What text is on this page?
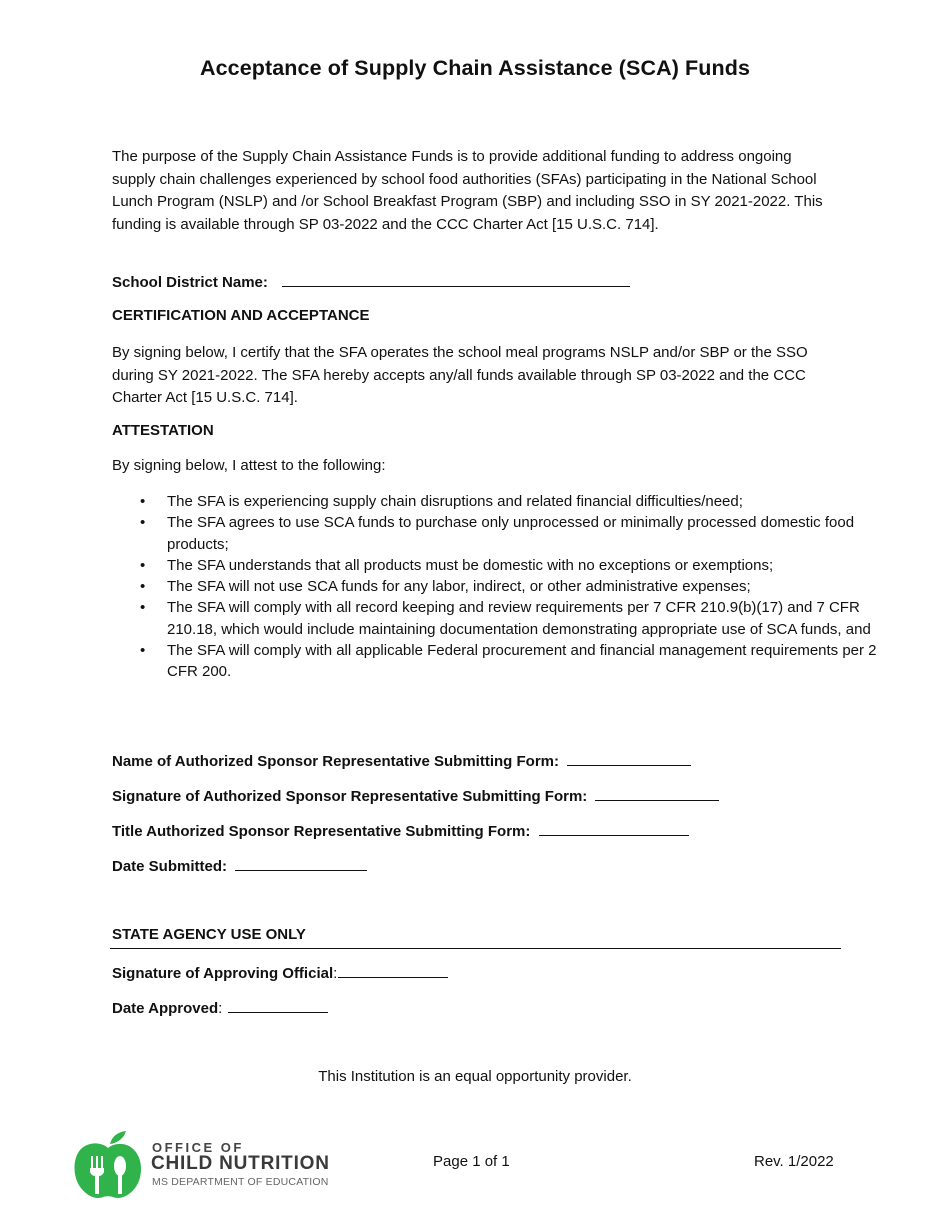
Acceptance of Supply Chain Assistance (SCA) Funds

The purpose of the Supply Chain Assistance Funds is to provide additional funding to address ongoing supply chain challenges experienced by school food authorities (SFAs) participating in the National School Lunch Program (NSLP) and /or School Breakfast Program (SBP) and including SSO in SY 2021-2022. This funding is available through SP 03-2022 and the CCC Charter Act [15 U.S.C. 714].

School District Name:
CERTIFICATION AND ACCEPTANCE

By signing below, I certify that the SFA operates the school meal programs NSLP and/or SBP or the SSO during SY 2021-2022. The SFA hereby accepts any/all funds available through SP 03-2022 and the CCC Charter Act [15 U.S.C. 714].

ATTESTATION
By signing below, I attest to the following:
• The SFA is experiencing supply chain disruptions and related financial difficulties/need;
• The SFA agrees to use SCA funds to purchase only unprocessed or minimally processed domestic food products;
• The SFA understands that all products must be domestic with no exceptions or exemptions;
• The SFA will not use SCA funds for any labor, indirect, or other administrative expenses;
• The SFA will comply with all record keeping and review requirements per 7 CFR 210.9(b)(17) and 7 CFR 210.18, which would include maintaining documentation demonstrating appropriate use of SCA funds, and
• The SFA will comply with all applicable Federal procurement and financial management requirements per 2 CFR 200.
Name of Authorized Sponsor Representative Submitting Form:
Signature of Authorized Sponsor Representative Submitting Form:
Title Authorized Sponsor Representative Submitting Form:
Date Submitted:
STATE AGENCY USE ONLY
Signature of Approving Official:
Date Approved:
This Institution is an equal opportunity provider.
OFFICE OF
CHILD NUTRITION
MS DEPARTMENT OF EDUCATION
Page 1 of 1	Rev. 1/2022
